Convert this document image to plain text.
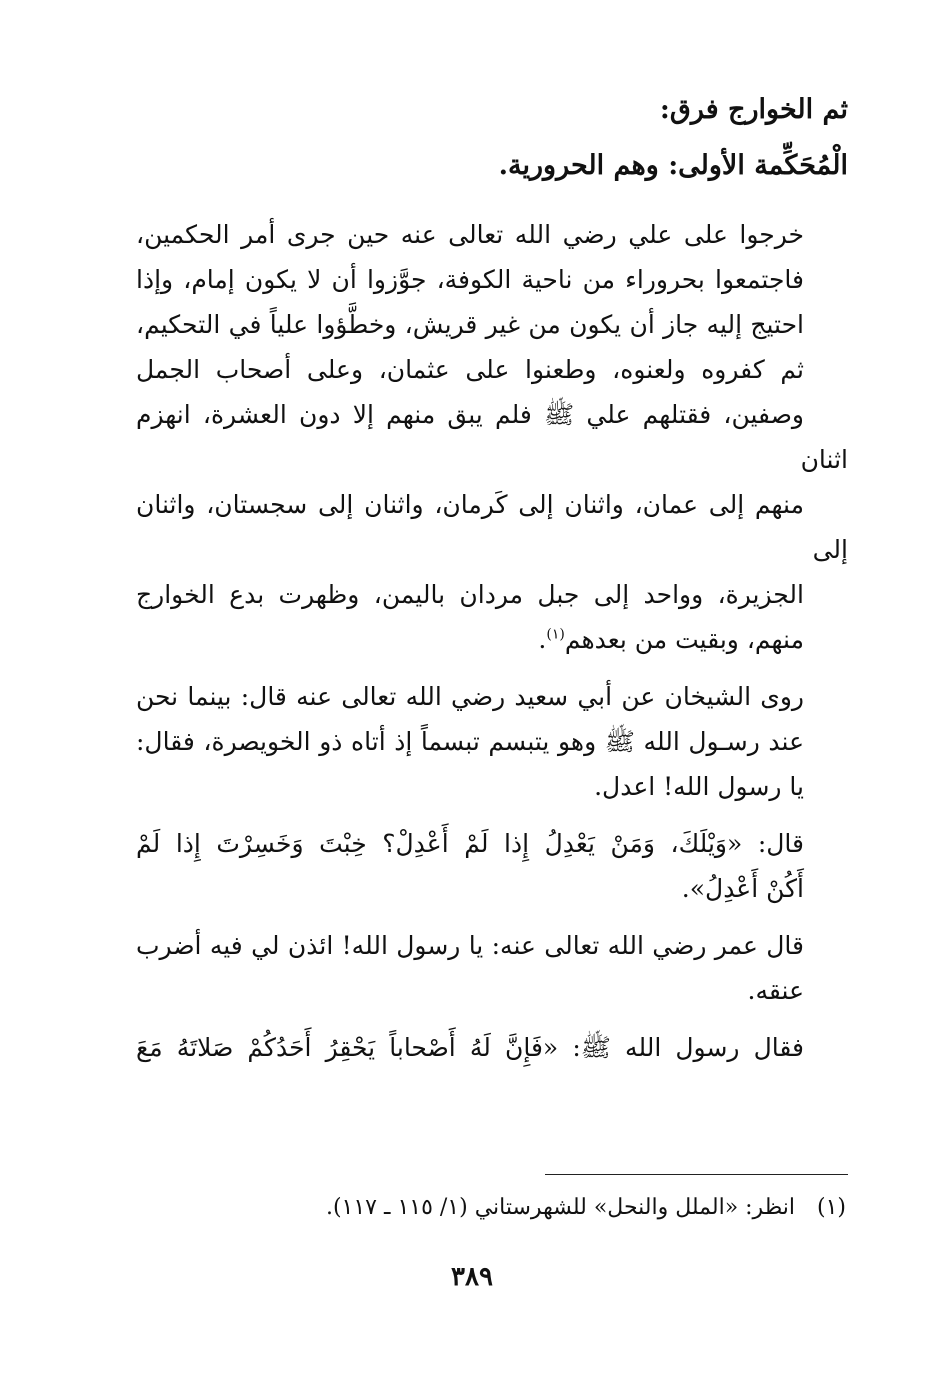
ثم الخوارج فرق:
الْمُحَكِّمة الأولى: وهم الحرورية.
خرجوا على علي رضي الله تعالى عنه حين جرى أمر الحكمين،
فاجتمعوا بحروراء من ناحية الكوفة، جوَّزوا أن لا يكون إمام، وإذا
احتيج إليه جاز أن يكون من غير قريش، وخطَّؤوا علياً في التحكيم،
ثم كفروه ولعنوه، وطعنوا على عثمان، وعلى أصحاب الجمل
وصفين، فقتلهم علي ﷺ فلم يبق منهم إلا دون العشرة، انهزم اثنان
منهم إلى عمان، واثنان إلى كَرمان، واثنان إلى سجستان، واثنان إلى
الجزيرة، وواحد إلى جبل مردان باليمن، وظهرت بدع الخوارج
منهم، وبقيت من بعدهم$^{(١)}$.
روى الشيخان عن أبي سعيد رضي الله تعالى عنه قال: بينما نحن
عند رسـول الله ﷺ وهو يتبسم تبسماً إذ أتاه ذو الخويصرة، فقال:
يا رسول الله! اعدل.
قال: «وَيْلَكَ، وَمَنْ يَعْدِلُ إِذا لَمْ أَعْدِلْ؟ خِبْتَ وَخَسِرْتَ إِذا لَمْ
أَكُنْ أَعْدِلُ».
قال عمر رضي الله تعالى عنه: يا رسول الله! ائذن لي فيه أضرب
عنقه.
فقال رسول الله ﷺ: «فَإِنَّ لَهُ أَصْحاباً يَحْقِرُ أَحَدُكُمْ صَلاتَهُ مَعَ
(١)انظر: «الملل والنحل» للشهرستاني (١/ ١١٥ ـ ١١٧).
٣٨٩
